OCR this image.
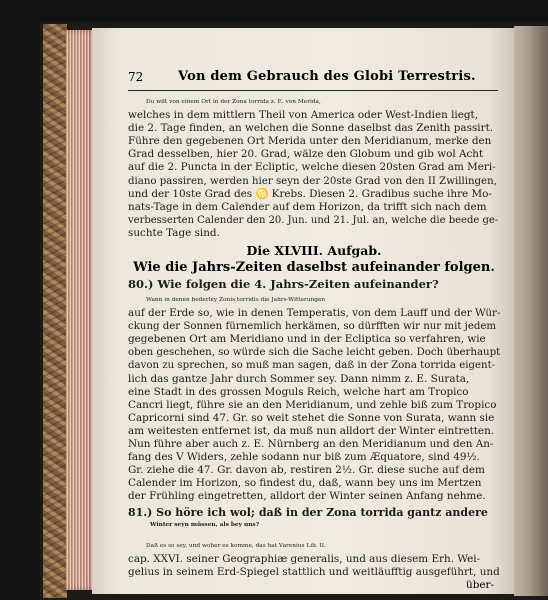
72	Von dem Gebrauch des Globi Terrestris.
Du wilt von einem Ort in der Zona torrida z. E. von Merida,
welches in dem mittlern Theil von America oder West-Indien liegt,
die 2. Tage finden, an welchen die Sonne daselbst das Zenith passirt.
Führe den gegebenen Ort Merida unter den Meridianum, merke den
Grad desselben, hier 20. Grad, wälze den Globum und gib wol Acht
auf die 2. Puncta in der Ecliptic, welche diesen 20sten Grad am Meri-
diano passiren, werden hier seyn der 20ste Grad von den II Zwillingen,
und der 10ste Grad des ♋ Krebs. Diesen 2. Gradibus suche ihre Mo-
nats-Tage in dem Calender auf dem Horizon, da trifft sich nach dem
verbesserten Calender den 20. Jun. und 21. Jul. an, welche die beede ge-
suchte Tage sind.
Die XLVIII. Aufgab.
Wie die Jahrs-Zeiten daselbst aufeinander folgen.
80.) Wie folgen die 4. Jahrs-Zeiten aufeinander?
Wann in denen bederley Zonis torridis die Jahrs-Witterungen
auf der Erde so, wie in denen Temperatis, von dem Lauff und der Wür-
ckung der Sonnen fürnemlich herkämen, so dürfften wir nur mit jedem
gegebenen Ort am Meridiano und in der Ecliptica so verfahren, wie
oben geschehen, so würde sich die Sache leicht geben. Doch überhaupt
davon zu sprechen, so muß man sagen, daß in der Zona torrida eigent-
lich das gantze Jahr durch Sommer sey. Dann nimm z. E. Surata,
eine Stadt in des grossen Moguls Reich, welche hart am Tropico
Cancri liegt, führe sie an den Meridianum, und zehle biß zum Tropico
Capricorni sind 47. Gr. so weit stehet die Sonne von Surata, wann sie
am weitesten entfernet ist, da muß nun alldort der Winter eintretten.
Nun führe aber auch z. E. Nürnberg an den Meridianum und den An-
fang des V Widers, zehle sodann nur biß zum Æquatore, sind 49½.
Gr. ziehe die 47. Gr. davon ab, restiren 2½. Gr. diese suche auf dem
Calender im Horizon, so findest du, daß, wann bey uns im Mertzen
der Frühling eingetretten, alldort der Winter seinen Anfang nehme.
81.) So höre ich wol; daß in der Zona torrida gantz andere
Winter seyn müssen, als bey uns?
Daß es so sey, und woher es komme, das hat Varenius Lib. II.
cap. XXVI. seiner Geographiæ generalis, und aus diesem Erh. Wei-
gelius in seinem Erd-Spiegel stattlich und weitläufftig ausgeführt, und
über-
